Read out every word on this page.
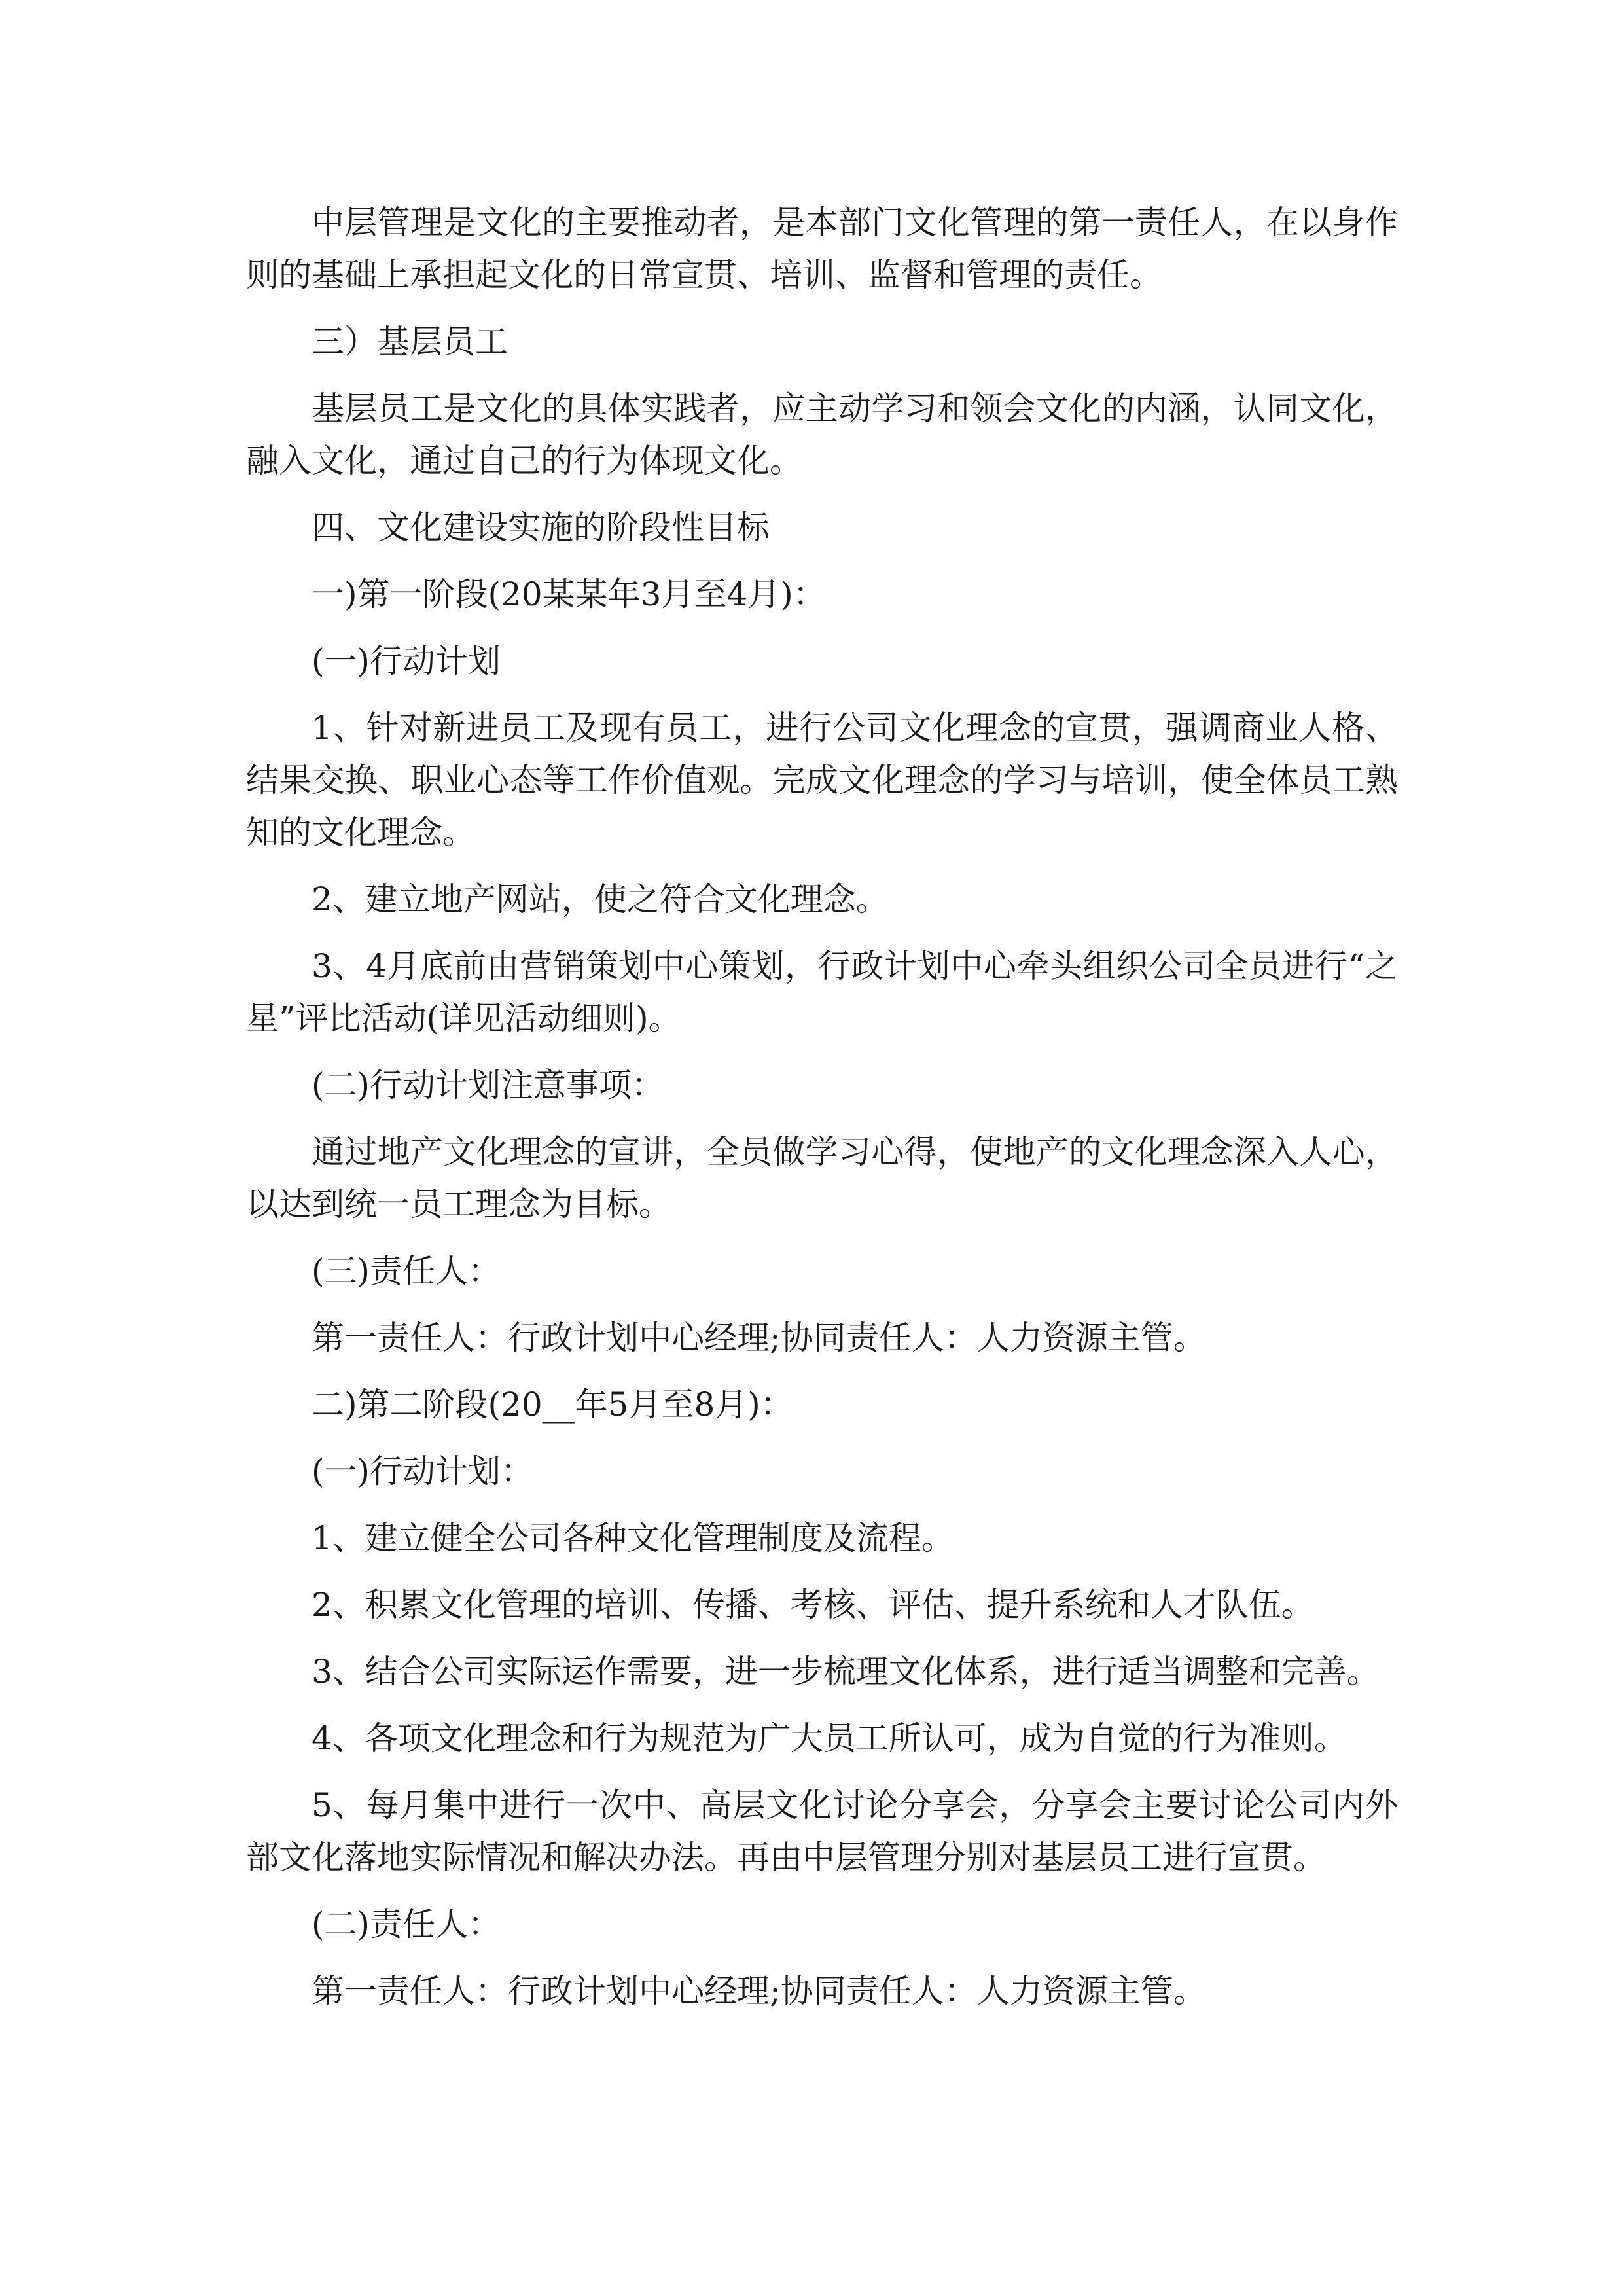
中层管理是文化的主要推动者，是本部门文化管理的第一责任人，在以身作则的基础上承担起文化的日常宣贯、培训、监督和管理的责任。

三）基层员工

基层员工是文化的具体实践者，应主动学习和领会文化的内涵，认同文化，融入文化，通过自己的行为体现文化。

四、文化建设实施的阶段性目标

一)第一阶段(20某某年3月至4月)：

(一)行动计划

1、针对新进员工及现有员工，进行公司文化理念的宣贯，强调商业人格、结果交换、职业心态等工作价值观。完成文化理念的学习与培训，使全体员工熟知的文化理念。

2、建立地产网站，使之符合文化理念。

3、4月底前由营销策划中心策划，行政计划中心牵头组织公司全员进行“之星”评比活动(详见活动细则)。

(二)行动计划注意事项：

通过地产文化理念的宣讲，全员做学习心得，使地产的文化理念深入人心，以达到统一员工理念为目标。

(三)责任人：

第一责任人：行政计划中心经理;协同责任人：人力资源主管。

二)第二阶段(20__年5月至8月)：

(一)行动计划：

1、建立健全公司各种文化管理制度及流程。

2、积累文化管理的培训、传播、考核、评估、提升系统和人才队伍。

3、结合公司实际运作需要，进一步梳理文化体系，进行适当调整和完善。

4、各项文化理念和行为规范为广大员工所认可，成为自觉的行为准则。

5、每月集中进行一次中、高层文化讨论分享会，分享会主要讨论公司内外部文化落地实际情况和解决办法。再由中层管理分别对基层员工进行宣贯。

(二)责任人：

第一责任人：行政计划中心经理;协同责任人：人力资源主管。
